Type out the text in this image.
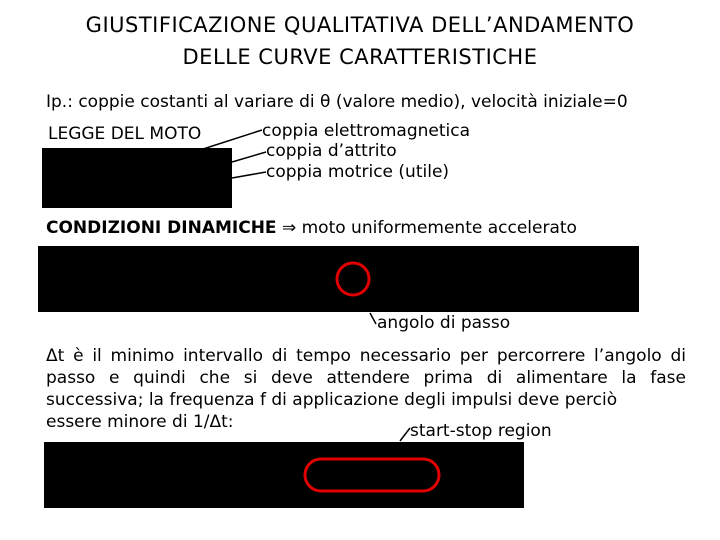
GIUSTIFICAZIONE QUALITATIVA DELL’ANDAMENTO
DELLE CURVE CARATTERISTICHE
Ip.: coppie costanti al variare di θ (valore medio), velocità iniziale=0
LEGGE DEL MOTO	coppia elettromagnetica
coppia d’attrito
coppia motrice (utile)
CONDIZIONI DINAMICHE ⇒ moto uniformemente accelerato
angolo di passo
Δt è il minimo intervallo di tempo necessario per percorrere l’angolo di passo e quindi che si deve attendere prima di alimentare la fase successiva; la frequenza f di applicazione degli impulsi deve perciò
essere minore di 1/Δt:	start-stop region
